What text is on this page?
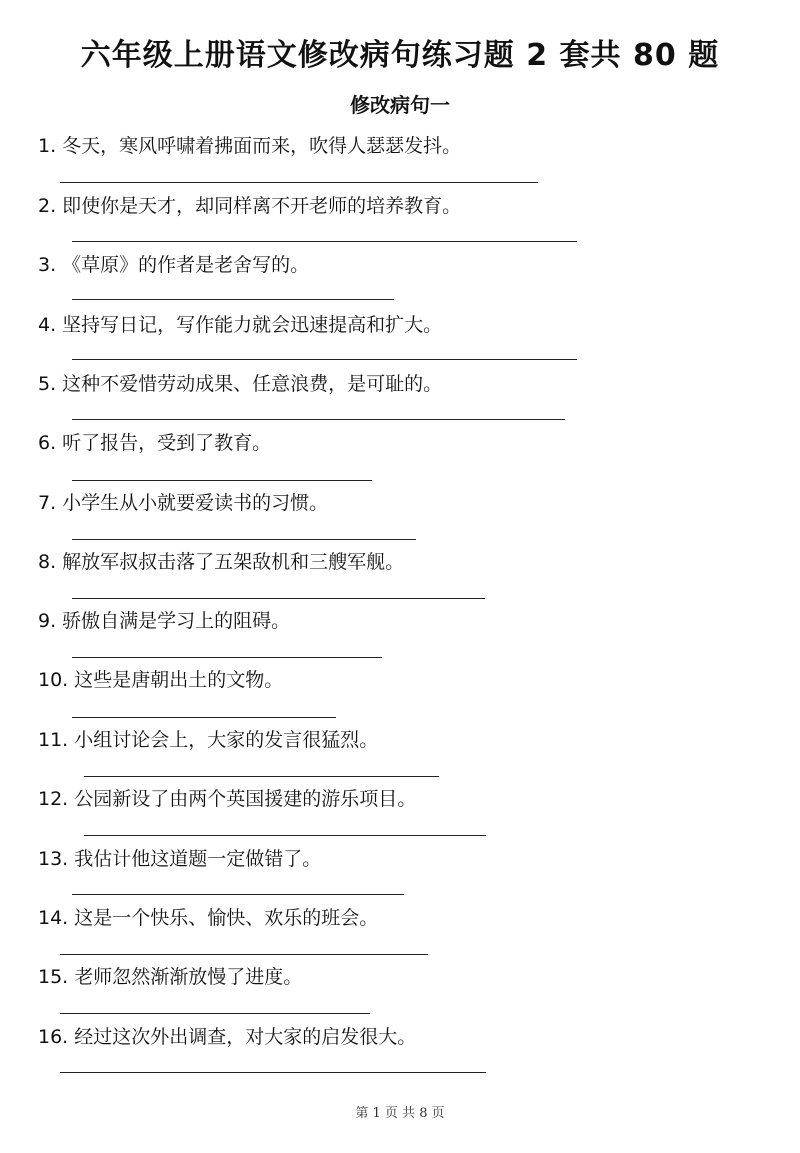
六年级上册语文修改病句练习题 2 套共 80 题
修改病句一
1. 冬天，寒风呼啸着拂面而来，吹得人瑟瑟发抖。
2. 即使你是天才，却同样离不开老师的培养教育。
3. 《草原》的作者是老舍写的。
4. 坚持写日记，写作能力就会迅速提高和扩大。
5. 这种不爱惜劳动成果、任意浪费，是可耻的。
6. 听了报告，受到了教育。
7. 小学生从小就要爱读书的习惯。
8. 解放军叔叔击落了五架敌机和三艘军舰。
9. 骄傲自满是学习上的阻碍。
10. 这些是唐朝出土的文物。
11. 小组讨论会上，大家的发言很猛烈。
12. 公园新设了由两个英国援建的游乐项目。
13. 我估计他这道题一定做错了。
14. 这是一个快乐、愉快、欢乐的班会。
15. 老师忽然渐渐放慢了进度。
16. 经过这次外出调查，对大家的启发很大。
第 1 页 共 8 页
